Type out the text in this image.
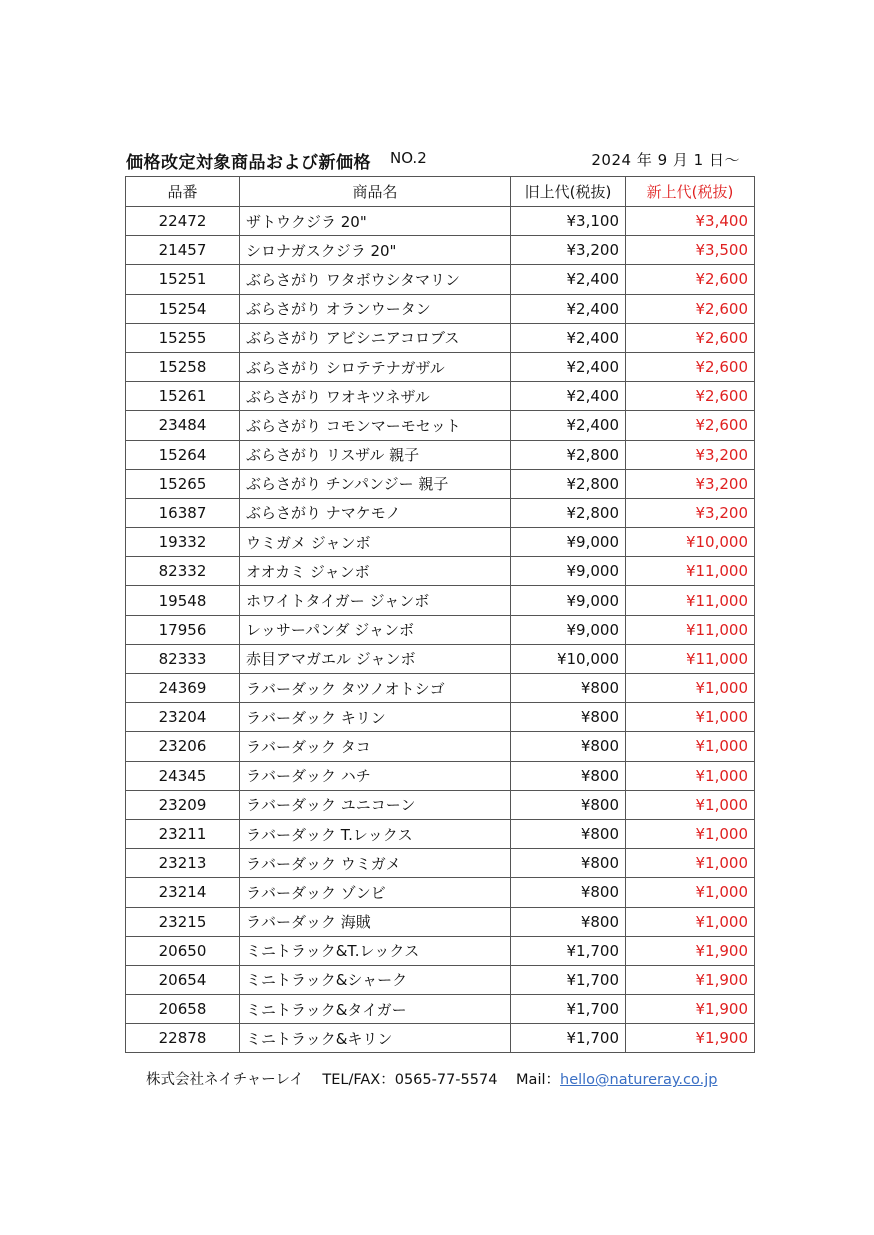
価格改定対象商品および新価格 NO.2	2024 年 9 月 1 日〜
品番	商品名	旧上代(税抜)	新上代(税抜)
22472	ザトウクジラ 20"	¥3,100	¥3,400
21457	シロナガスクジラ 20"	¥3,200	¥3,500
15251	ぶらさがり ワタボウシタマリン	¥2,400	¥2,600
15254	ぶらさがり オランウータン	¥2,400	¥2,600
15255	ぶらさがり アビシニアコロブス	¥2,400	¥2,600
15258	ぶらさがり シロテテナガザル	¥2,400	¥2,600
15261	ぶらさがり ワオキツネザル	¥2,400	¥2,600
23484	ぶらさがり コモンマーモセット	¥2,400	¥2,600
15264	ぶらさがり リスザル 親子	¥2,800	¥3,200
15265	ぶらさがり チンパンジー 親子	¥2,800	¥3,200
16387	ぶらさがり ナマケモノ	¥2,800	¥3,200
19332	ウミガメ ジャンボ	¥9,000	¥10,000
82332	オオカミ ジャンボ	¥9,000	¥11,000
19548	ホワイトタイガー ジャンボ	¥9,000	¥11,000
17956	レッサーパンダ ジャンボ	¥9,000	¥11,000
82333	赤目アマガエル ジャンボ	¥10,000	¥11,000
24369	ラバーダック タツノオトシゴ	¥800	¥1,000
23204	ラバーダック キリン	¥800	¥1,000
23206	ラバーダック タコ	¥800	¥1,000
24345	ラバーダック ハチ	¥800	¥1,000
23209	ラバーダック ユニコーン	¥800	¥1,000
23211	ラバーダック T.レックス	¥800	¥1,000
23213	ラバーダック ウミガメ	¥800	¥1,000
23214	ラバーダック ゾンビ	¥800	¥1,000
23215	ラバーダック 海賊	¥800	¥1,000
20650	ミニトラック&T.レックス	¥1,700	¥1,900
20654	ミニトラック&シャーク	¥1,700	¥1,900
20658	ミニトラック&タイガー	¥1,700	¥1,900
22878	ミニトラック&キリン	¥1,700	¥1,900
株式会社ネイチャーレイ TEL/FAX：0565-77-5574 Mail：hello@natureray.co.jp
